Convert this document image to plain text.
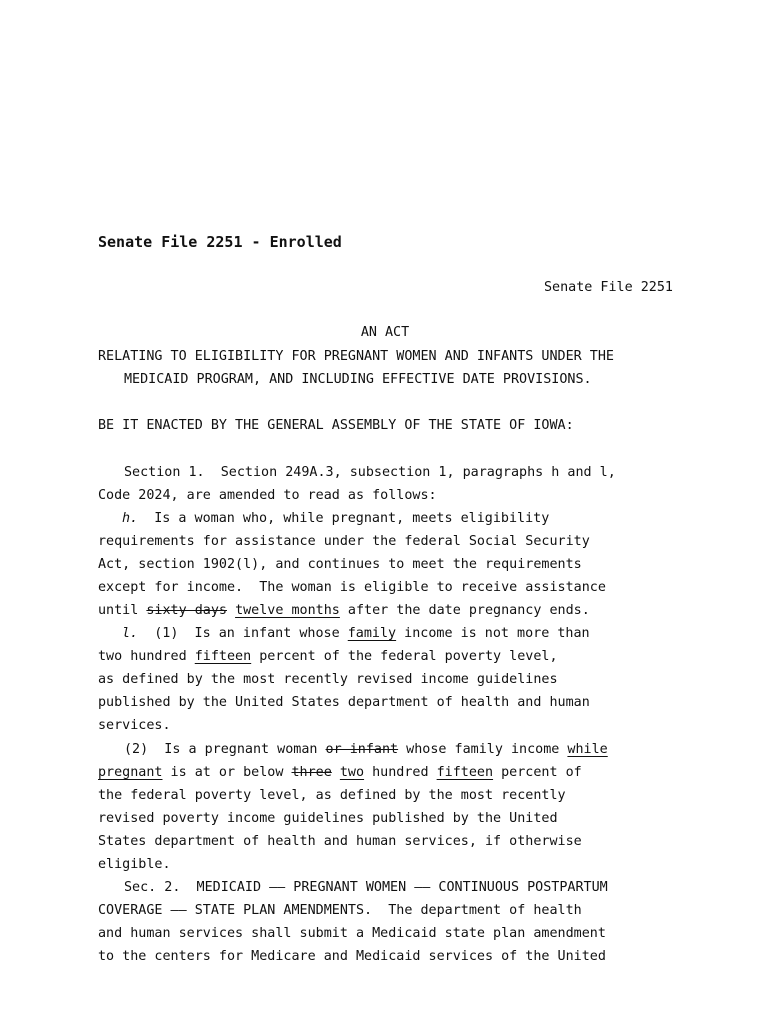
Senate File 2251 - Enrolled

Senate File 2251

AN ACT

RELATING TO ELIGIBILITY FOR PREGNANT WOMEN AND INFANTS UNDER THE

MEDICAID PROGRAM, AND INCLUDING EFFECTIVE DATE PROVISIONS.

BE IT ENACTED BY THE GENERAL ASSEMBLY OF THE STATE OF IOWA:

Section 1.  Section 249A.3, subsection 1, paragraphs h and l,

Code 2024, are amended to read as follows:

h.  Is a woman who, while pregnant, meets eligibility

requirements for assistance under the federal Social Security

Act, section 1902(l), and continues to meet the requirements

except for income.  The woman is eligible to receive assistance

until sixty days twelve months after the date pregnancy ends.

l.  (1)  Is an infant whose family income is not more than

two hundred fifteen percent of the federal poverty level,

as defined by the most recently revised income guidelines

published by the United States department of health and human

services.

(2)  Is a pregnant woman or infant whose family income while

pregnant is at or below three two hundred fifteen percent of

the federal poverty level, as defined by the most recently

revised poverty income guidelines published by the United

States department of health and human services, if otherwise

eligible.

Sec. 2.  MEDICAID —— PREGNANT WOMEN —— CONTINUOUS POSTPARTUM

COVERAGE —— STATE PLAN AMENDMENTS.  The department of health

and human services shall submit a Medicaid state plan amendment

to the centers for Medicare and Medicaid services of the United
